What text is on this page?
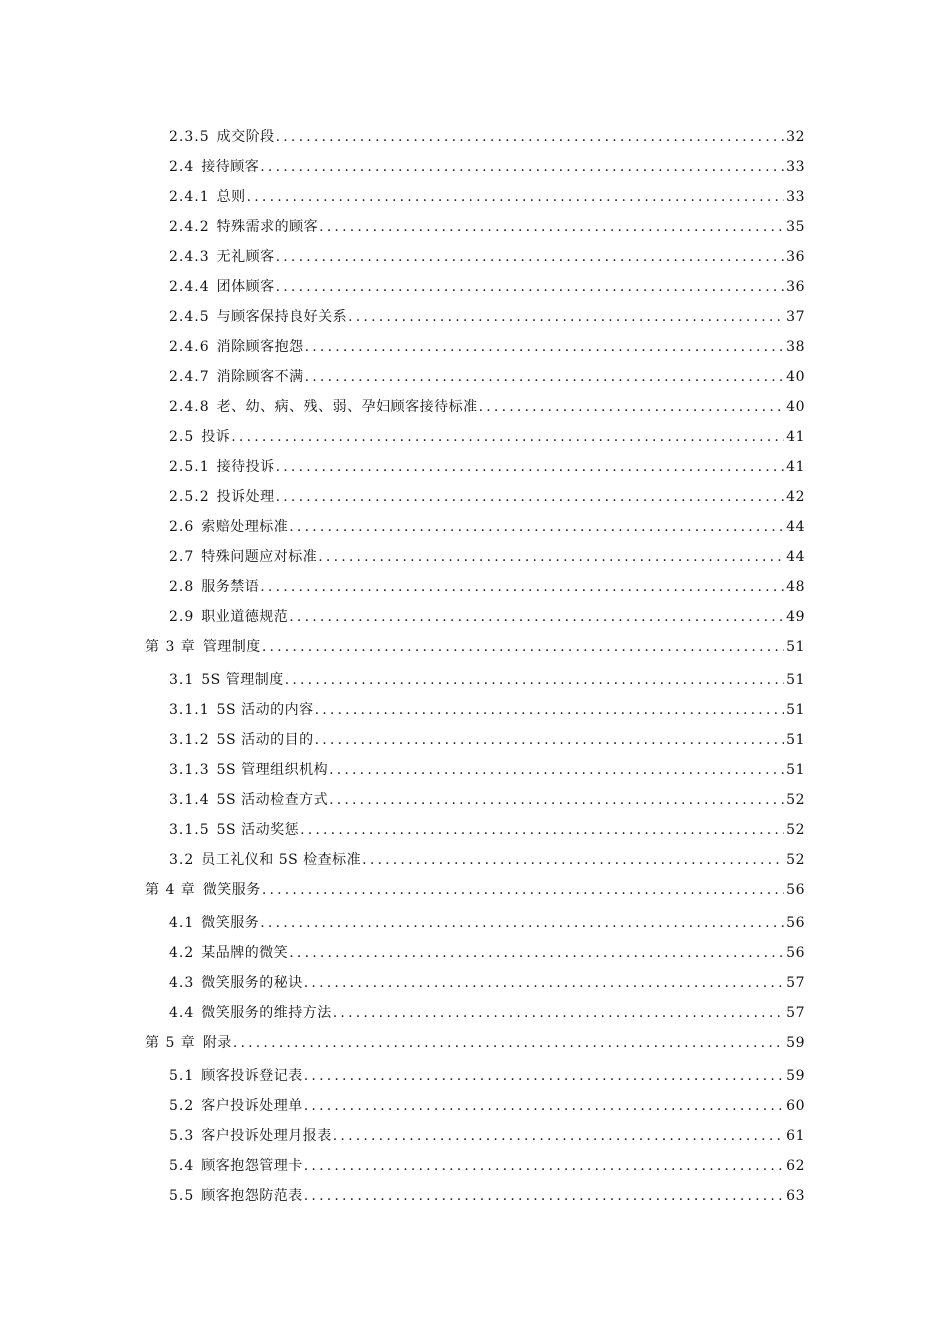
2.3.5 成交阶段 .....	32
2.4 接待顾客 .....	33
2.4.1 总则 .....	33
2.4.2 特殊需求的顾客 .....	35
2.4.3 无礼顾客 .....	36
2.4.4 团体顾客 .....	36
2.4.5 与顾客保持良好关系 .....	37
2.4.6 消除顾客抱怨 .....	38
2.4.7 消除顾客不满 .....	40
2.4.8 老、幼、病、残、弱、孕妇顾客接待标准 .....	40
2.5 投诉 .....	41
2.5.1 接待投诉 .....	41
2.5.2 投诉处理 .....	42
2.6 索赔处理标准 .....	44
2.7 特殊问题应对标准 .....	44
2.8 服务禁语 .....	48
2.9 职业道德规范 .....	49
第 3 章 管理制度 .....	51
3.1 5S 管理制度 .....	51
3.1.1 5S 活动的内容 .....	51
3.1.2 5S 活动的目的 .....	51
3.1.3 5S 管理组织机构 .....	51
3.1.4 5S 活动检查方式 .....	52
3.1.5 5S 活动奖惩 .....	52
3.2 员工礼仪和 5S 检查标准 .....	52
第 4 章 微笑服务 .....	56
4.1 微笑服务 .....	56
4.2 某品牌的微笑 .....	56
4.3 微笑服务的秘诀 .....	57
4.4 微笑服务的维持方法 .....	57
第 5 章 附录 .....	59
5.1 顾客投诉登记表 .....	59
5.2 客户投诉处理单 .....	60
5.3 客户投诉处理月报表 .....	61
5.4 顾客抱怨管理卡 .....	62
5.5 顾客抱怨防范表 .....	63
